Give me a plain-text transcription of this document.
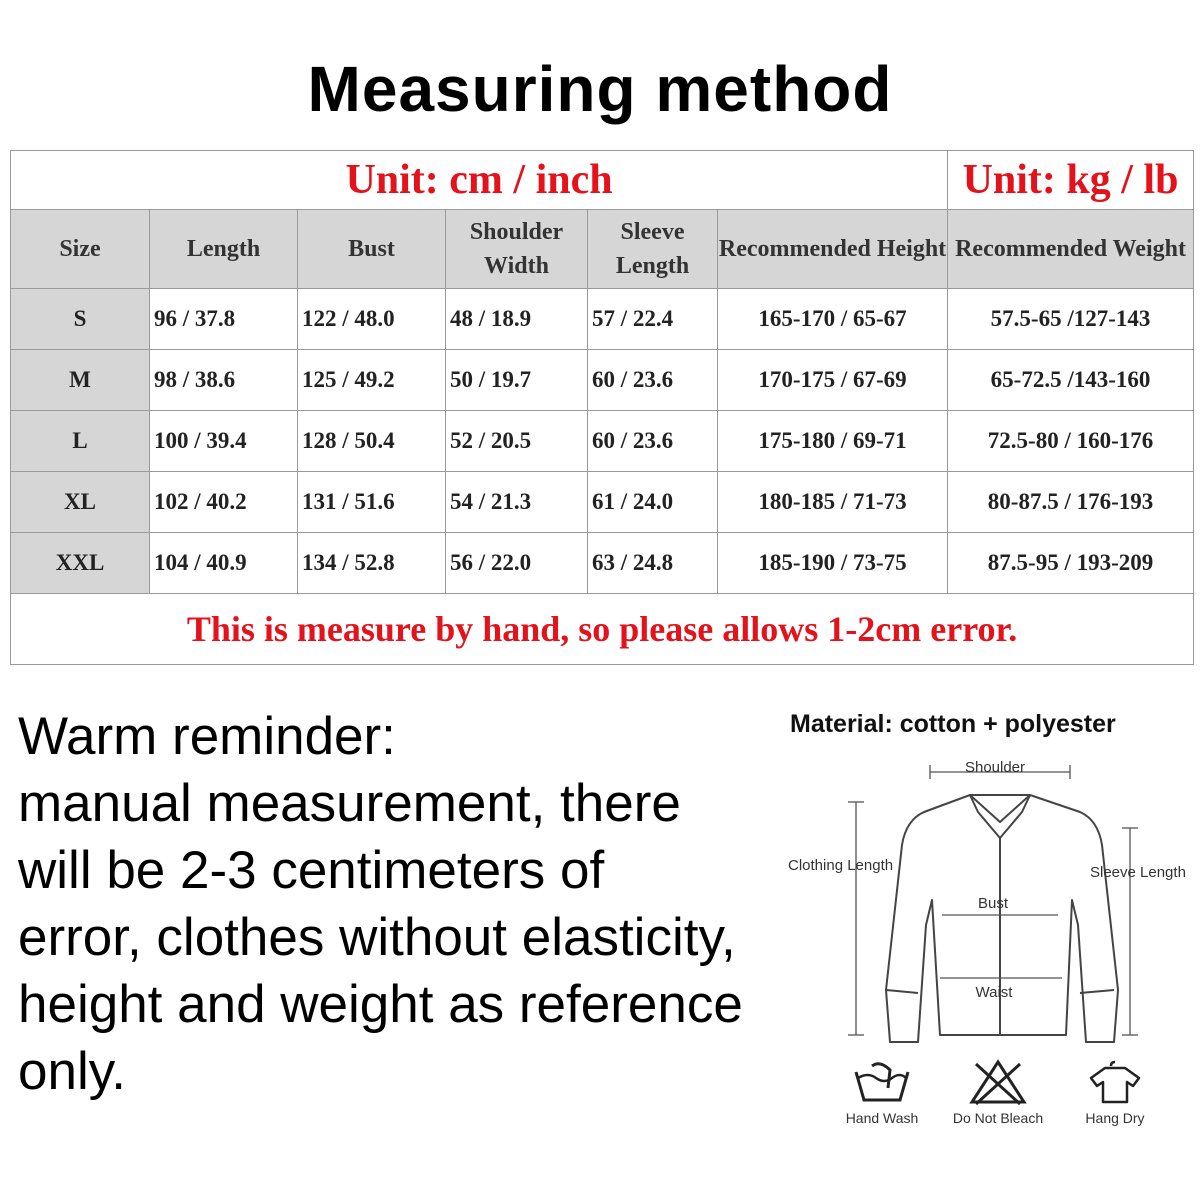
Measuring method
Unit: cm / inch						Unit: kg / lb
Size	Length	Bust	Shoulder Width	Sleeve Length	Recommended Height	Recommended Weight
S	96 / 37.8	122 / 48.0	48 / 18.9	57 / 22.4	165-170 / 65-67	57.5-65 /127-143
M	98 / 38.6	125 / 49.2	50 / 19.7	60 / 23.6	170-175 / 67-69	65-72.5 /143-160
L	100 / 39.4	128 / 50.4	52 / 20.5	60 / 23.6	175-180 / 69-71	72.5-80 / 160-176
XL	102 / 40.2	131 / 51.6	54 / 21.3	61 / 24.0	180-185 / 71-73	80-87.5 / 176-193
XXL	104 / 40.9	134 / 52.8	56 / 22.0	63 / 24.8	185-190 / 73-75	87.5-95 / 193-209
This is measure by hand, so please allows 1-2cm error.						
Warm reminder:
manual measurement, there
will be 2-3 centimeters of
error, clothes without elasticity,
height and weight as reference
only.
Material: cotton + polyester
Shoulder
Clothing Length	Sleeve Length
Bust
Waist
Hand Wash	Do Not Bleach	Hang Dry
